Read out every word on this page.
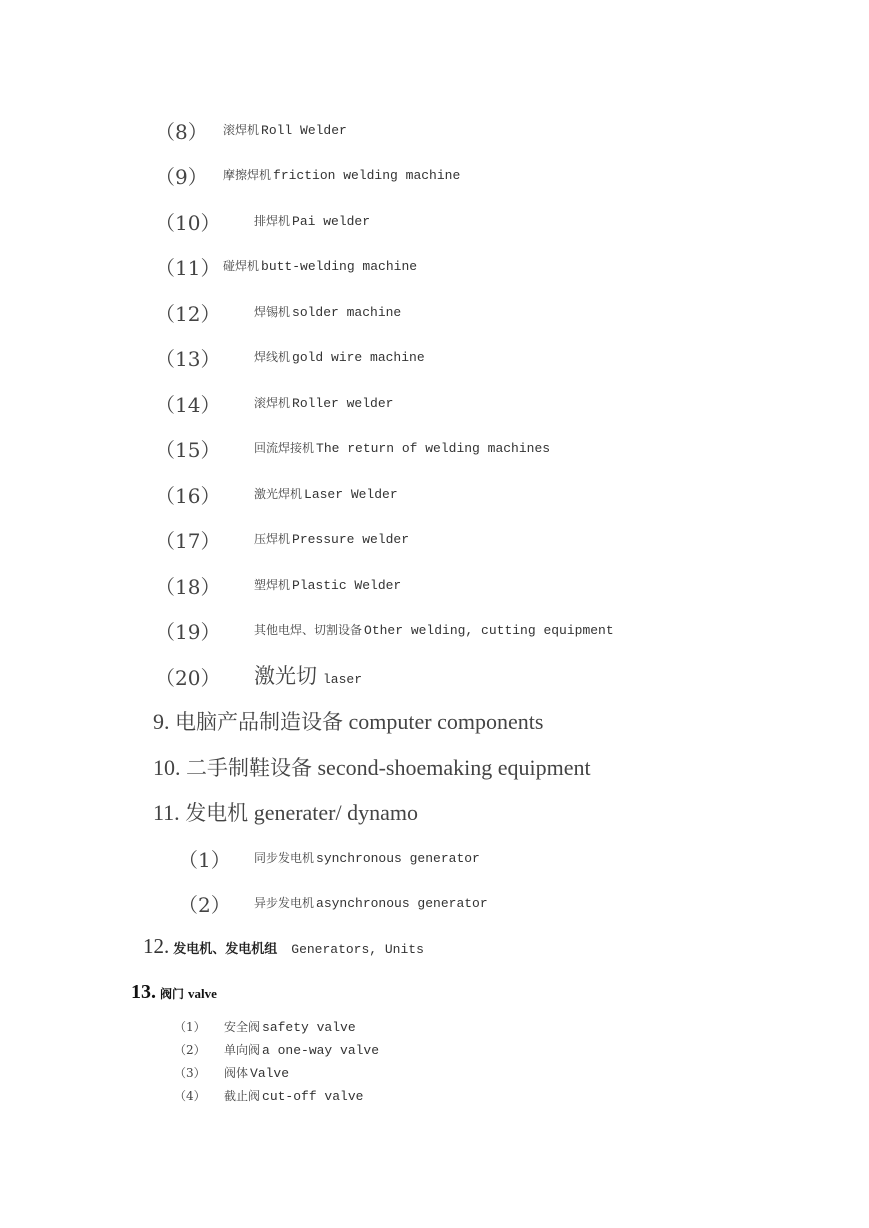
（8） 滚焊机 Roll Welder
（9） 摩擦焊机 friction welding machine
（10）	排焊机 Pai welder
（11） 碰焊机 butt-welding machine
（12）	焊锡机 solder machine
（13）	焊线机 gold wire machine
（14）	滚焊机 Roller welder
（15）	回流焊接机 The return of welding machines
（16）	激光焊机 Laser Welder
（17）	压焊机 Pressure welder
（18）	塑焊机 Plastic Welder
（19）	其他电焊、切割设备 Other welding, cutting equipment
（20） 激光切 laser
9. 电脑产品制造设备 computer components
10. 二手制鞋设备 second-shoemaking equipment
11. 发电机 generater/ dynamo
（1） 同步发电机 synchronous generator
（2） 异步发电机 asynchronous generator
12. 发电机、发电机组 Generators, Units
13. 阀门 valve
（1） 安全阀 safety valve
（2） 单向阀 a one-way valve
（3） 阀体 Valve
（4） 截止阀 cut-off valve
